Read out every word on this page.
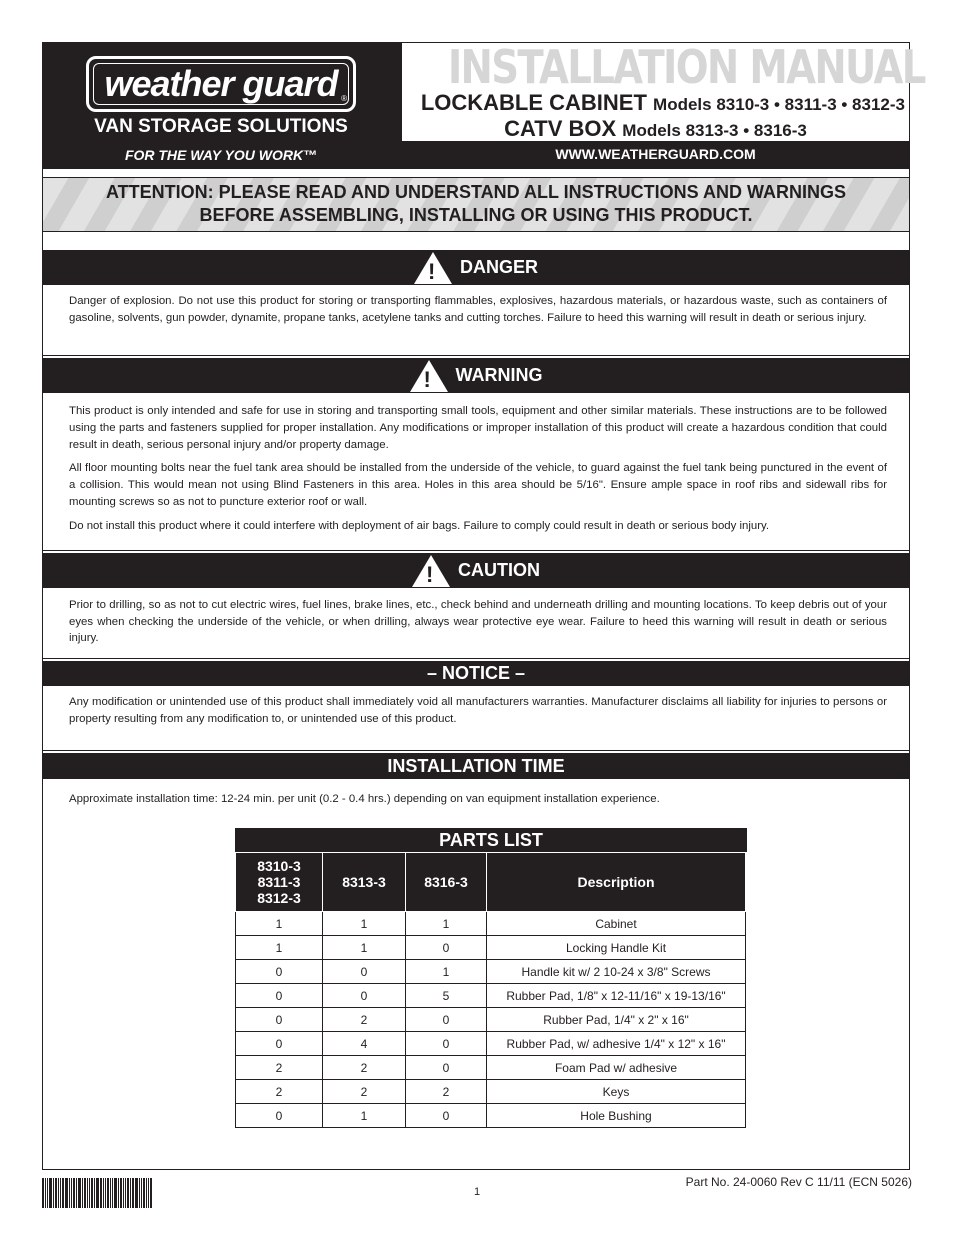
weather guard ®
VAN STORAGE SOLUTIONS
FOR THE WAY YOU WORK™
INSTALLATION MANUAL
LOCKABLE CABINET Models 8310-3 • 8311-3 • 8312-3
CATV BOX Models 8313-3 • 8316-3
WWW.WEATHERGUARD.COM
ATTENTION: PLEASE READ AND UNDERSTAND ALL INSTRUCTIONS AND WARNINGS
BEFORE ASSEMBLING, INSTALLING OR USING THIS PRODUCT.
! DANGER

Danger of explosion. Do not use this product for storing or transporting flammables, explosives, hazardous materials, or hazardous waste, such as containers of gasoline, solvents, gun powder, dynamite, propane tanks, acetylene tanks and cutting torches. Failure to heed this warning will result in death or serious injury.

! WARNING

This product is only intended and safe for use in storing and transporting small tools, equipment and other similar materials. These instructions are to be followed using the parts and fasteners supplied for proper installation. Any modifications or improper installation of this product will create a hazardous condition that could result in death, serious personal injury and/or property damage.

All floor mounting bolts near the fuel tank area should be installed from the underside of the vehicle, to guard against the fuel tank being punctured in the event of a collision. This would mean not using Blind Fasteners in this area. Holes in this area should be 5/16". Ensure ample space in roof ribs and sidewall ribs for mounting screws so as not to puncture exterior roof or wall.

Do not install this product where it could interfere with deployment of air bags. Failure to comply could result in death or serious body injury.

! CAUTION

Prior to drilling, so as not to cut electric wires, fuel lines, brake lines, etc., check behind and underneath drilling and mounting locations. To keep debris out of your eyes when checking the underside of the vehicle, or when drilling, always wear protective eye wear. Failure to heed this warning will result in death or serious injury.

– NOTICE –

Any modification or unintended use of this product shall immediately void all manufacturers warranties. Manufacturer disclaims all liability for injuries to persons or property resulting from any modification to, or unintended use of this product.

INSTALLATION TIME

Approximate installation time: 12-24 min. per unit (0.2 - 0.4 hrs.) depending on van equipment installation experience.

PARTS LIST
8310-3
8311-3
8312-3	8313-3	8316-3	Description
1	1	1	Cabinet
1	1	0	Locking Handle Kit
0	0	1	Handle kit w/ 2 10-24 x 3/8" Screws
0	0	5	Rubber Pad, 1/8" x 12-11/16" x 19-13/16"
0	2	0	Rubber Pad, 1/4" x 2" x 16"
0	4	0	Rubber Pad, w/ adhesive 1/4" x 12" x 16"
2	2	0	Foam Pad w/ adhesive
2	2	2	Keys
0	1	0	Hole Bushing
Part No. 24-0060 Rev C 11/11 (ECN 5026)
1
